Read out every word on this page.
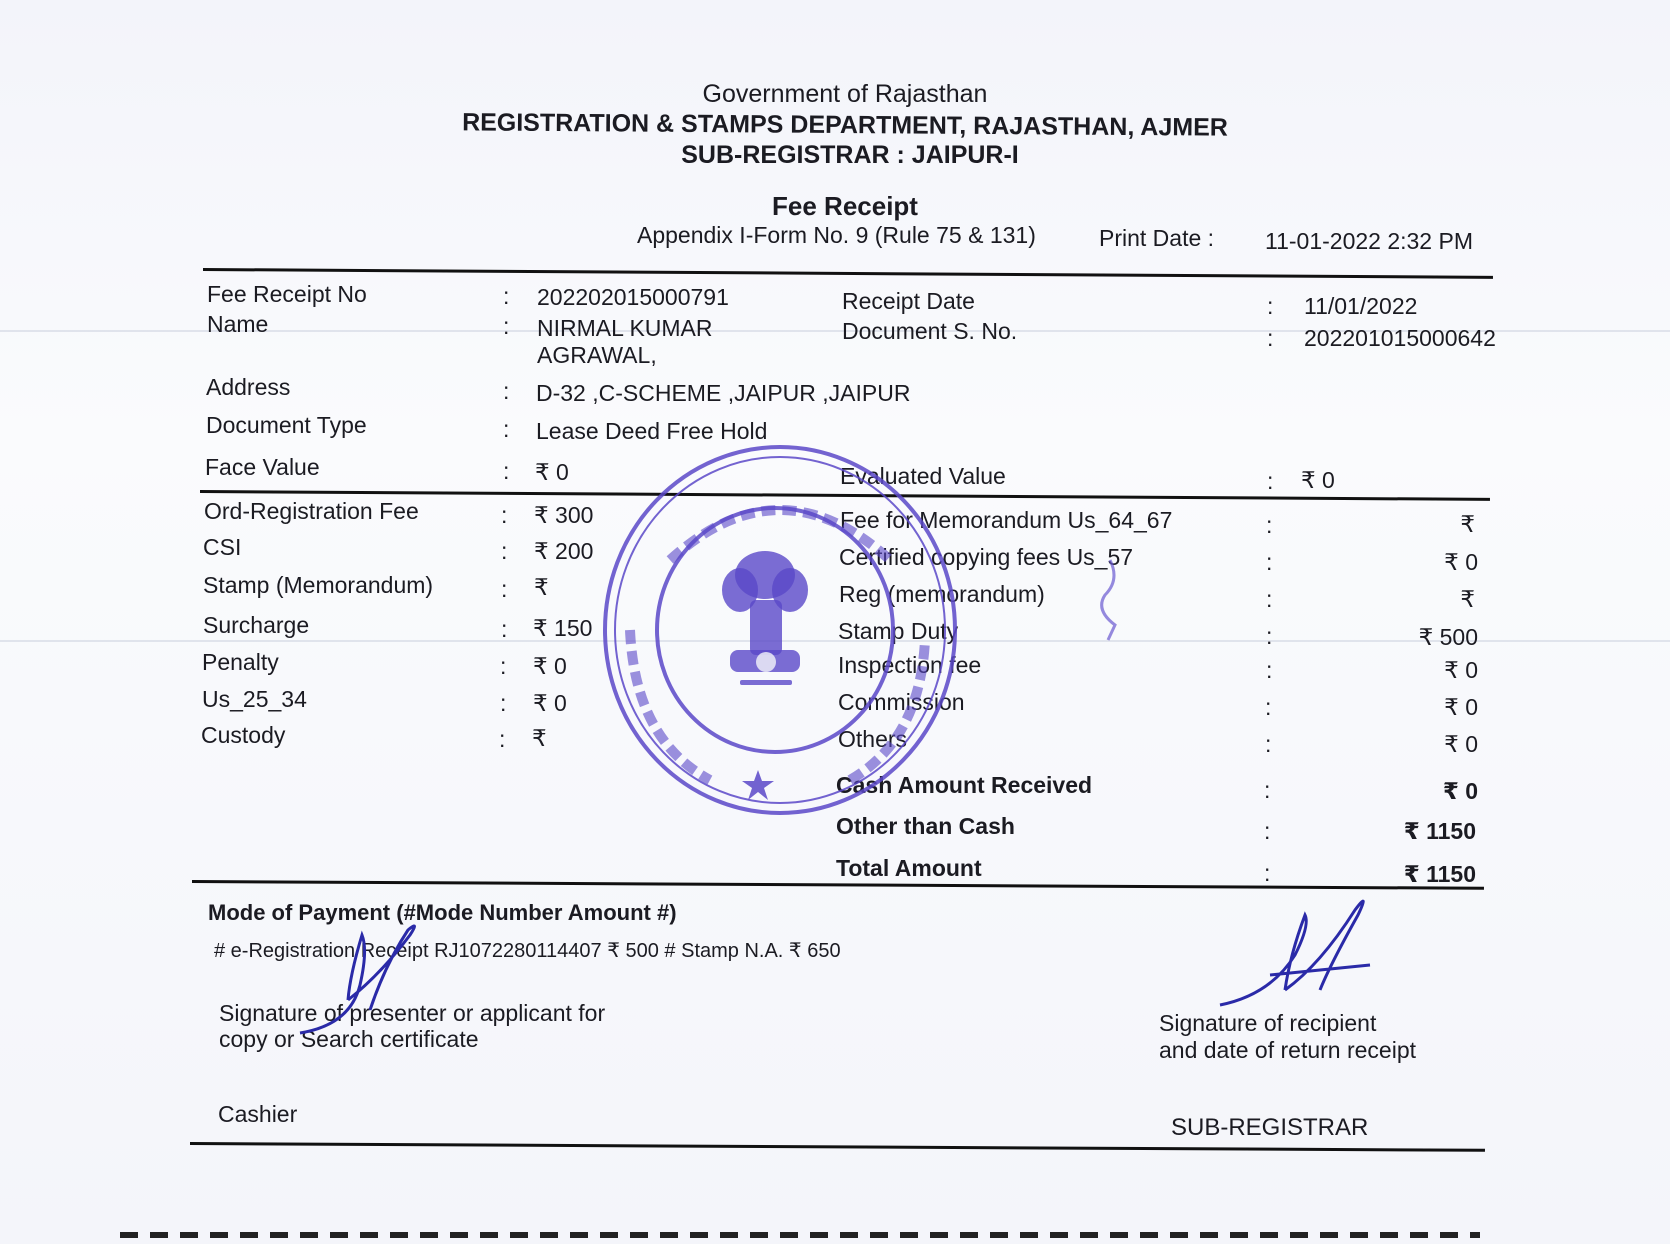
Government of Rajasthan
REGISTRATION & STAMPS DEPARTMENT, RAJASTHAN, AJMER
SUB-REGISTRAR : JAIPUR-I
Fee Receipt
Appendix I-Form No. 9 (Rule 75 & 131)	Print Date : 11-01-2022 2:32 PM
Fee Receipt No	: 202202015000791	Receipt Date	: 11/01/2022
Name	: NIRMAL KUMAR
AGRAWAL,
Document S. No.	: 202201015000642
Address	: D-32 ,C-SCHEME ,JAIPUR ,JAIPUR
Document Type	: Lease Deed Free Hold
Face Value	: ₹ 0	Evaluated Value	: ₹ 0
Ord-Registration Fee	: ₹ 300
CSI	: ₹ 200
Stamp (Memorandum)	: ₹
Surcharge	: ₹ 150
Penalty	: ₹ 0
Us_25_34	: ₹ 0
Custody	: ₹
Fee for Memorandum Us_64_67	:	₹
Certified copying fees Us_57	:	₹ 0
Reg (memorandum)	:	₹
Stamp Duty	:	₹ 500
Inspection fee	:	₹ 0
Commission	:	₹ 0
Others	:	₹ 0
Cash Amount Received	:	₹ 0
Other than Cash	:	₹ 1150
Total Amount	:	₹ 1150
Mode of Payment (#Mode Number Amount #)
# e-Registration Receipt RJ1072280114407 ₹ 500 # Stamp N.A. ₹ 650
Signature of presenter or applicant for
copy or Search certificate
Signature of recipient
and date of return receipt
Cashier	SUB-REGISTRAR
